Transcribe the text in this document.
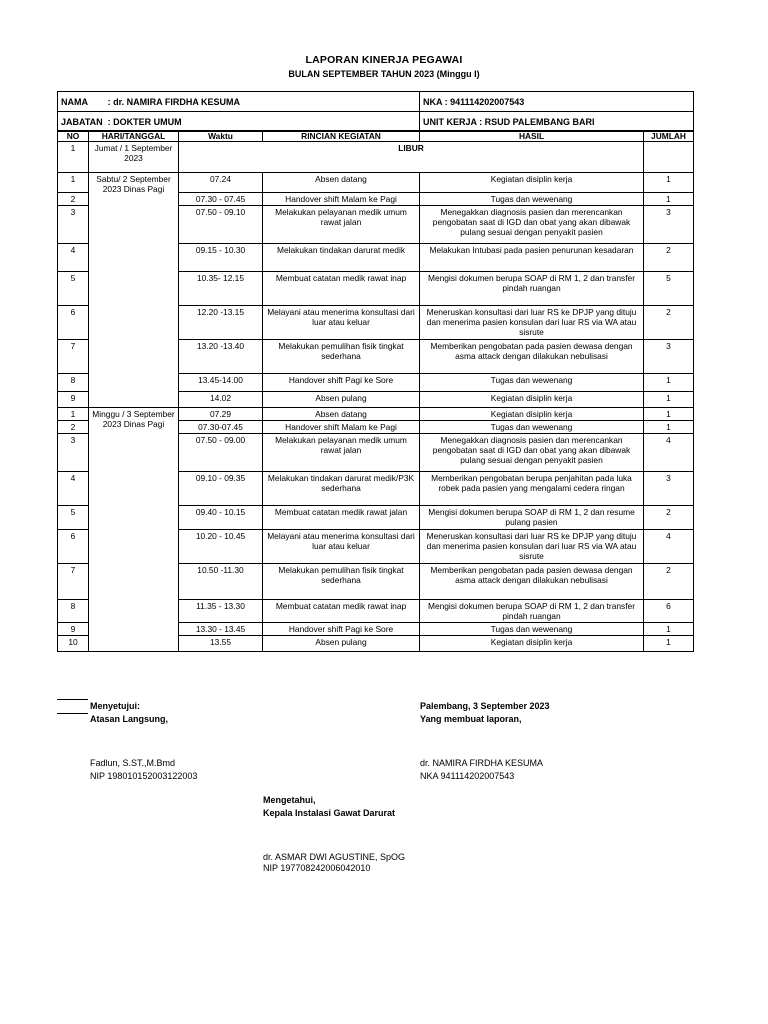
LAPORAN KINERJA PEGAWAI
BULAN SEPTEMBER TAHUN 2023 (Minggu I)
NAMA        : dr. NAMIRA FIRDHA KESUMA	NKA : 941114202007543
JABATAN  : DOKTER UMUM	UNIT KERJA : RSUD PALEMBANG BARI
NO	HARI/TANGGAL	Waktu	RINCIAN KEGIATAN	HASIL	JUMLAH
1	Jumat / 1 September 2023	LIBUR			
1	Sabtu/ 2 September 2023 Dinas Pagi	07.24	Absen datang	Kegiatan disiplin kerja	1
2		07.30 - 07.45	Handover shift Malam ke Pagi	Tugas dan wewenang	1
3		07.50 - 09.10	Melakukan pelayanan medik umum rawat jalan	Menegakkan diagnosis pasien dan merencankan pengobatan saat di IGD dan obat yang akan dibawak pulang sesuai dengan penyakit pasien	3
4		09.15 - 10.30	Melakukan tindakan darurat medik	Melakukan Intubasi pada pasien penurunan kesadaran	2
5		10.35- 12.15	Membuat catatan medik rawat inap	Mengisi dokumen berupa SOAP di RM 1, 2 dan transfer pindah ruangan	5
6		12.20 -13.15	Melayani atau menerima konsultasi dari luar atau keluar	Meneruskan konsultasi dari luar RS ke DPJP yang dituju dan menerima pasien konsulan dari luar RS via WA atau sisrute	2
7		13.20 -13.40	Melakukan pemulihan fisik tingkat sederhana	Memberikan pengobatan pada pasien dewasa dengan asma attack dengan dilakukan nebulisasi	3
8		13.45-14.00	Handover shift Pagi ke Sore	Tugas dan wewenang	1
9		14.02	Absen pulang	Kegiatan disiplin kerja	1
1	Minggu / 3 September 2023 Dinas Pagi	07.29	Absen datang	Kegiatan disiplin kerja	1
2		07.30-07.45	Handover shift Malam ke Pagi	Tugas dan wewenang	1
3		07.50 - 09.00	Melakukan pelayanan medik umum rawat jalan	Menegakkan diagnosis pasien dan merencankan pengobatan saat di IGD dan obat yang akan dibawak pulang sesuai dengan penyakit pasien	4
4		09.10 - 09.35	Melakukan tindakan darurat medik/P3K sederhana	Memberikan pengobatan berupa penjahitan pada luka robek pada pasien yang mengalami cedera ringan	3
5		09.40 - 10.15	Membuat catatan medik rawat jalan	Mengisi dokumen berupa SOAP di RM 1, 2 dan resume pulang pasien	2
6		10.20 - 10.45	Melayani atau menerima konsultasi dari luar atau keluar	Meneruskan konsultasi dari luar RS ke DPJP yang dituju dan menerima pasien konsulan dari luar RS via WA atau sisrute	4
7		10.50 -11.30	Melakukan pemulihan fisik tingkat sederhana	Memberikan pengobatan pada pasien dewasa dengan asma attack dengan dilakukan nebulisasi	2
8		11.35 - 13.30	Membuat catatan medik rawat inap	Mengisi dokumen berupa SOAP di RM 1, 2 dan transfer pindah ruangan	6
9		13.30 - 13.45	Handover shift Pagi ke Sore	Tugas dan wewenang	1
10		13.55	Absen pulang	Kegiatan disiplin kerja	1
Menyetujui:
Atasan Langsung,
Fadlun, S.ST.,M.Bmd
NIP 198010152003122003
Palembang, 3 September 2023
Yang membuat laporan,
dr. NAMIRA FIRDHA KESUMA
NKA 941114202007543
Mengetahui,
Kepala Instalasi Gawat Darurat
dr. ASMAR DWI AGUSTINE, SpOG
NIP 197708242006042010
